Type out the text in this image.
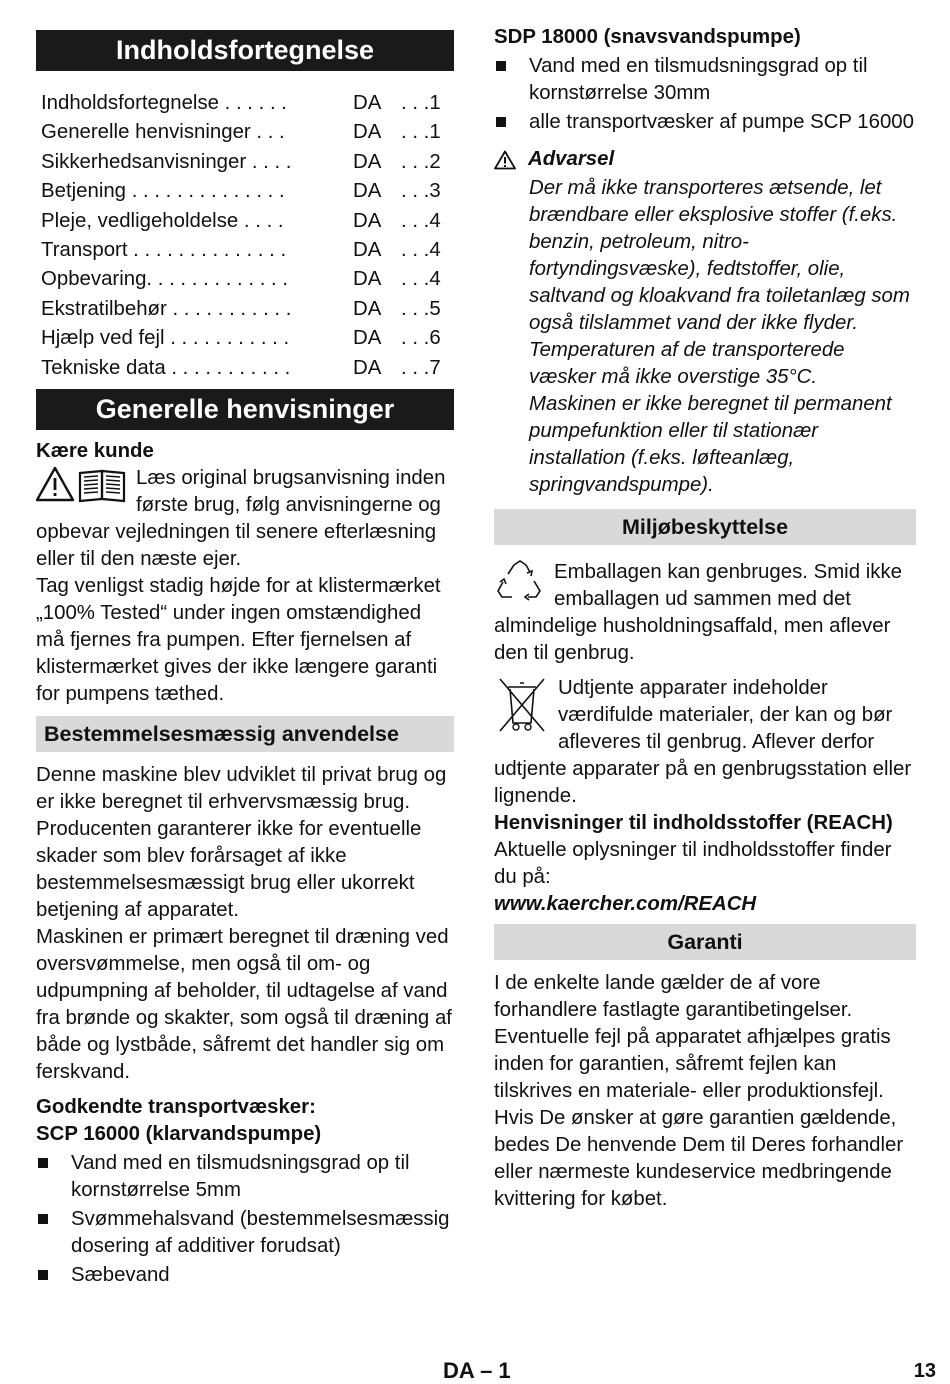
Indholdsfortegnelse
Indholdsfortegnelse . . . . . .	DA . . .1
Generelle henvisninger . . .	DA . . .1
Sikkerhedsanvisninger . . . .	DA . . .2
Betjening . . . . . . . . . . . . . .	DA . . .3
Pleje, vedligeholdelse . . . .	DA . . .4
Transport . . . . . . . . . . . . . .	DA . . .4
Opbevaring. . . . . . . . . . . . .	DA . . .4
Ekstratilbehør . . . . . . . . . . .	DA . . .5
Hjælp ved fejl . . . . . . . . . . .	DA . . .6
Tekniske data . . . . . . . . . . .	DA . . .7
Generelle henvisninger

Kære kunde

Læs original brugsanvisning inden første brug, følg anvisningerne og opbevar vejledningen til senere efterlæsning eller til den næste ejer.

Tag venligst stadig højde for at klistermærket „100% Tested“ under ingen omstændighed må fjernes fra pumpen. Efter fjernelsen af klistermærket gives der ikke længere garanti for pumpens tæthed.

Bestemmelsesmæssig anvendelse

Denne maskine blev udviklet til privat brug og er ikke beregnet til erhvervsmæssig brug.

Producenten garanterer ikke for eventuelle skader som blev forårsaget af ikke bestemmelsesmæssigt brug eller ukorrekt betjening af apparatet.

Maskinen er primært beregnet til dræning ved oversvømmelse, men også til om- og udpumpning af beholder, til udtagelse af vand fra brønde og skakter, som også til dræning af både og lystbåde, såfremt det handler sig om ferskvand.

Godkendte transportvæsker:

SCP 16000 (klarvandspumpe)

Vand med en tilsmudsningsgrad op til kornstørrelse 5mm
Svømmehalsvand (bestemmelsesmæssig dosering af additiver forudsat)
Sæbevand

SDP 18000 (snavsvandspumpe)

Vand med en tilsmudsningsgrad op til kornstørrelse 30mm
alle transportvæsker af pumpe SCP 16000
Advarsel

Der må ikke transporteres ætsende, let brændbare eller eksplosive stoffer (f.eks. benzin, petroleum, nitro-fortyndingsvæske), fedtstoffer, olie, saltvand og kloakvand fra toiletanlæg som også tilslammet vand der ikke flyder. Temperaturen af de transporterede væsker må ikke overstige 35°C.

Maskinen er ikke beregnet til permanent pumpefunktion eller til stationær installation (f.eks. løfteanlæg, springvandspumpe).

Miljøbeskyttelse

Emballagen kan genbruges. Smid ikke emballagen ud sammen med det almindelige husholdningsaffald, men aflever den til genbrug.

Udtjente apparater indeholder værdifulde materialer, der kan og bør afleveres til genbrug. Aflever derfor udtjente apparater på en genbrugsstation eller lignende.

Henvisninger til indholdsstoffer (REACH)

Aktuelle oplysninger til indholdsstoffer finder du på:

www.kaercher.com/REACH

Garanti

I de enkelte lande gælder de af vore forhandlere fastlagte garantibetingelser. Eventuelle fejl på apparatet afhjælpes gratis inden for garantien, såfremt fejlen kan tilskrives en materiale- eller produktionsfejl. Hvis De ønsker at gøre garantien gældende, bedes De henvende Dem til Deres forhandler eller nærmeste kundeservice medbringende kvittering for købet.

DA – 1	13
